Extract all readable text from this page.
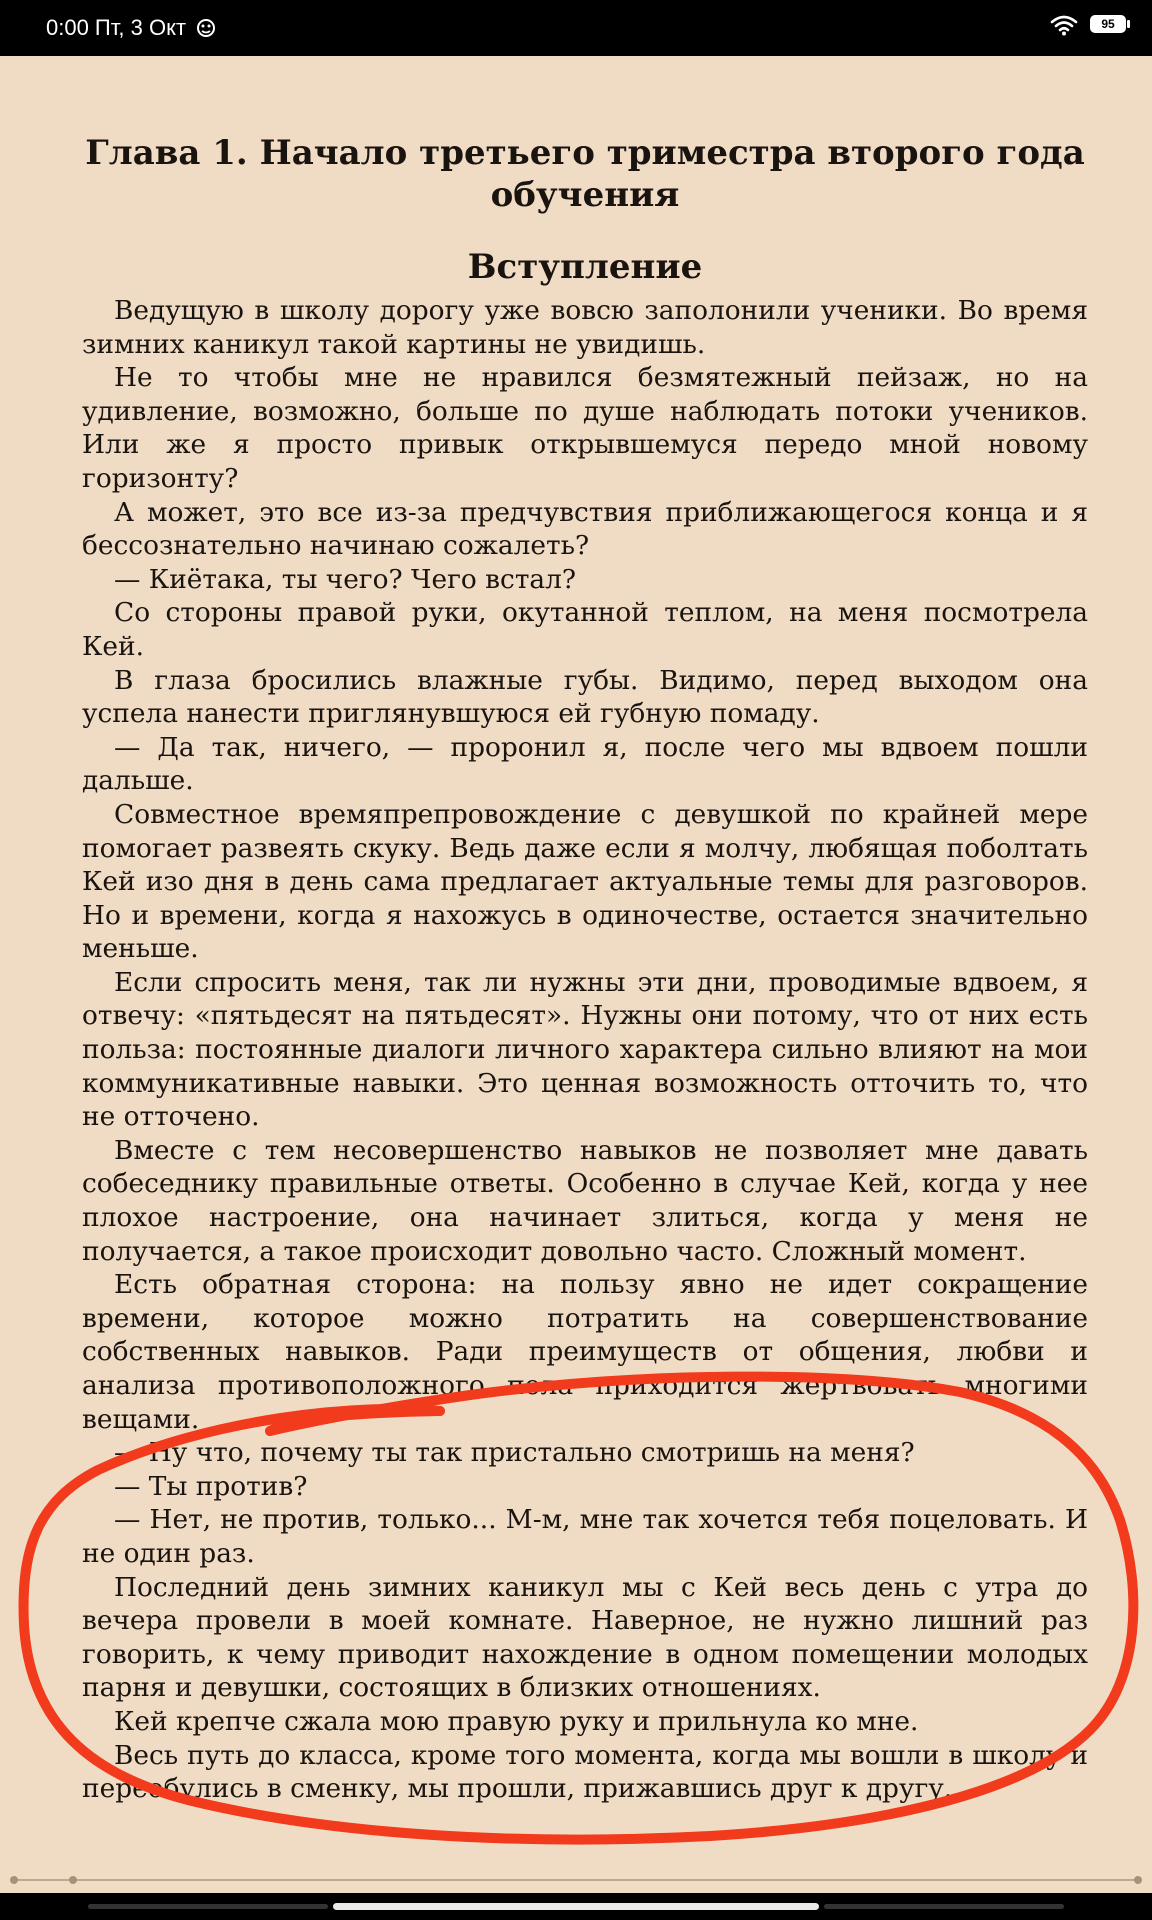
0:00 Пт, 3 Окт	95
Глава 1. Начало третьего триместра второго года обучения
Вступление

Ведущую в школу дорогу уже вовсю заполонили ученики. Во время зимних каникул такой картины не увидишь.

Не то чтобы мне не нравился безмятежный пейзаж, но на удивление, возможно, больше по душе наблюдать потоки учеников. Или же я просто привык открывшемуся передо мной новому горизонту?

А может, это все из-за предчувствия приближающегося конца и я бессознательно начинаю сожалеть?

— Киётака, ты чего? Чего встал?

Со стороны правой руки, окутанной теплом, на меня посмотрела Кей.

В глаза бросились влажные губы. Видимо, перед выходом она успела нанести приглянувшуюся ей губную помаду.

— Да так, ничего, — проронил я, после чего мы вдвоем пошли дальше.

Совместное времяпрепровождение с девушкой по крайней мере помогает развеять скуку. Ведь даже если я молчу, любящая поболтать Кей изо дня в день сама предлагает актуальные темы для разговоров. Но и времени, когда я нахожусь в одиночестве, остается значительно меньше.

Если спросить меня, так ли нужны эти дни, проводимые вдвоем, я отвечу: «пятьдесят на пятьдесят». Нужны они потому, что от них есть польза: постоянные диалоги личного характера сильно влияют на мои коммуникативные навыки. Это ценная возможность отточить то, что не отточено.

Вместе с тем несовершенство навыков не позволяет мне давать собеседнику правильные ответы. Особенно в случае Кей, когда у нее плохое настроение, она начинает злиться, когда у меня не получается, а такое происходит довольно часто. Сложный момент.

Есть обратная сторона: на пользу явно не идет сокращение времени, которое можно потратить на совершенствование собственных навыков. Ради преимуществ от общения, любви и анализа противоположного пола приходится жертвовать многими вещами.

— Ну что, почему ты так пристально смотришь на меня?

— Ты против?

— Нет, не против, только... М-м, мне так хочется тебя поцеловать. И не один раз.

Последний день зимних каникул мы с Кей весь день с утра до вечера провели в моей комнате. Наверное, не нужно лишний раз говорить, к чему приводит нахождение в одном помещении молодых парня и девушки, состоящих в близких отношениях.

Кей крепче сжала мою правую руку и прильнула ко мне.

Весь путь до класса, кроме того момента, когда мы вошли в школу и переобулись в сменку, мы прошли, прижавшись друг к другу.
